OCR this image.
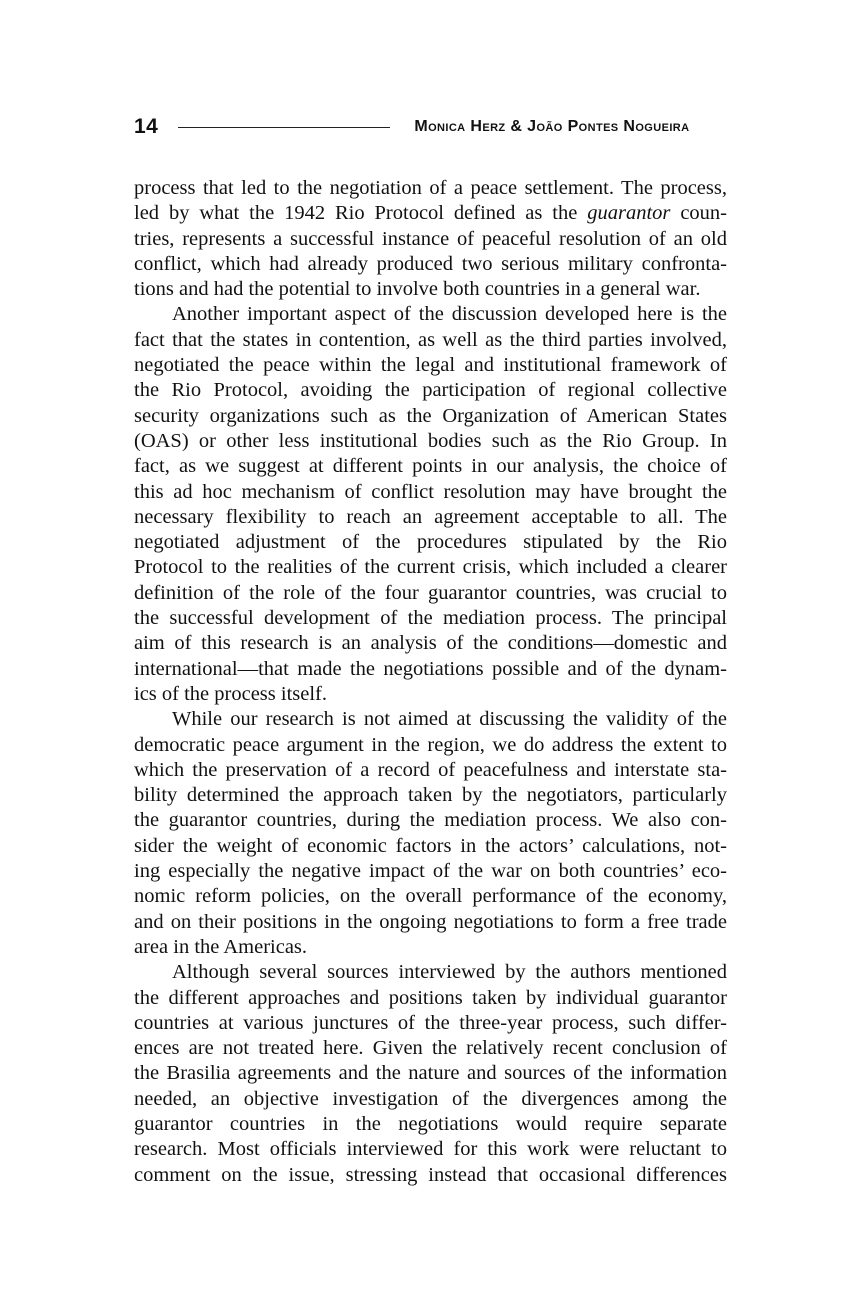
14	Monica Herz & João Pontes Nogueira

process that led to the negotiation of a peace settlement. The process,
led by what the 1942 Rio Protocol defined as the guarantor coun-
tries, represents a successful instance of peaceful resolution of an old
conflict, which had already produced two serious military confronta-
tions and had the potential to involve both countries in a general war.

Another important aspect of the discussion developed here is the
fact that the states in contention, as well as the third parties involved,
negotiated the peace within the legal and institutional framework of
the Rio Protocol, avoiding the participation of regional collective
security organizations such as the Organization of American States
(OAS) or other less institutional bodies such as the Rio Group. In
fact, as we suggest at different points in our analysis, the choice of
this ad hoc mechanism of conflict resolution may have brought the
necessary flexibility to reach an agreement acceptable to all. The
negotiated adjustment of the procedures stipulated by the Rio
Protocol to the realities of the current crisis, which included a clearer
definition of the role of the four guarantor countries, was crucial to
the successful development of the mediation process. The principal
aim of this research is an analysis of the conditions—domestic and
international—that made the negotiations possible and of the dynam-
ics of the process itself.

While our research is not aimed at discussing the validity of the
democratic peace argument in the region, we do address the extent to
which the preservation of a record of peacefulness and interstate sta-
bility determined the approach taken by the negotiators, particularly
the guarantor countries, during the mediation process. We also con-
sider the weight of economic factors in the actors’ calculations, not-
ing especially the negative impact of the war on both countries’ eco-
nomic reform policies, on the overall performance of the economy,
and on their positions in the ongoing negotiations to form a free trade
area in the Americas.

Although several sources interviewed by the authors mentioned
the different approaches and positions taken by individual guarantor
countries at various junctures of the three-year process, such differ-
ences are not treated here. Given the relatively recent conclusion of
the Brasilia agreements and the nature and sources of the information
needed, an objective investigation of the divergences among the
guarantor countries in the negotiations would require separate
research. Most officials interviewed for this work were reluctant to
comment on the issue, stressing instead that occasional differences
